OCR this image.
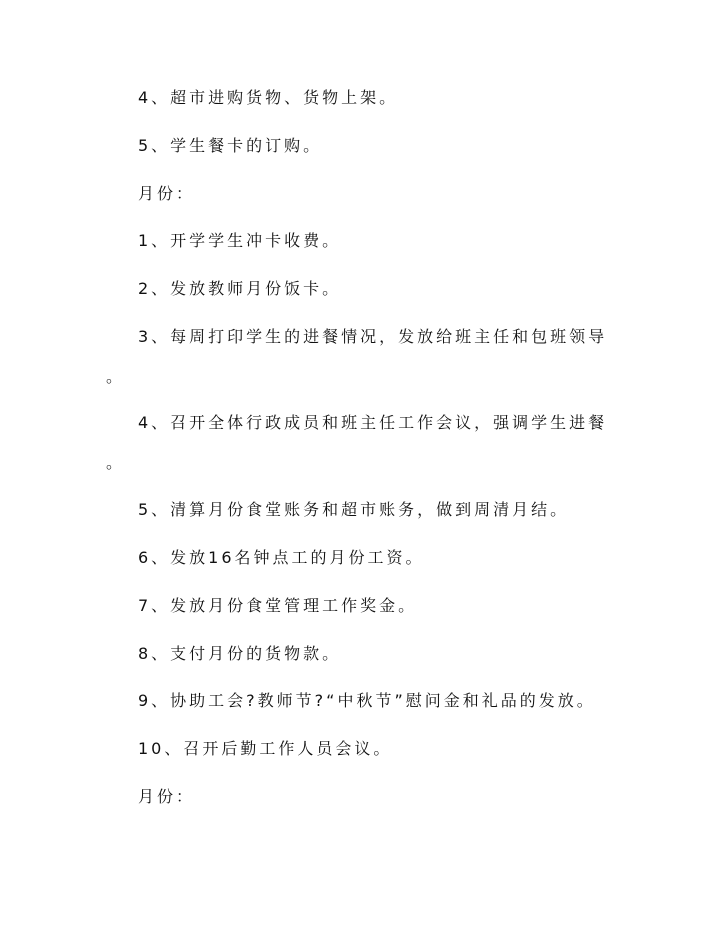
4、超市进购货物、货物上架。
5、学生餐卡的订购。
月份：
1、开学学生冲卡收费。
2、发放教师月份饭卡。
3、每周打印学生的进餐情况，发放给班主任和包班领导
。
4、召开全体行政成员和班主任工作会议，强调学生进餐
。
5、清算月份食堂账务和超市账务，做到周清月结。
6、发放16名钟点工的月份工资。
7、发放月份食堂管理工作奖金。
8、支付月份的货物款。
9、协助工会?教师节?“中秋节”慰问金和礼品的发放。
10、召开后勤工作人员会议。
月份：
